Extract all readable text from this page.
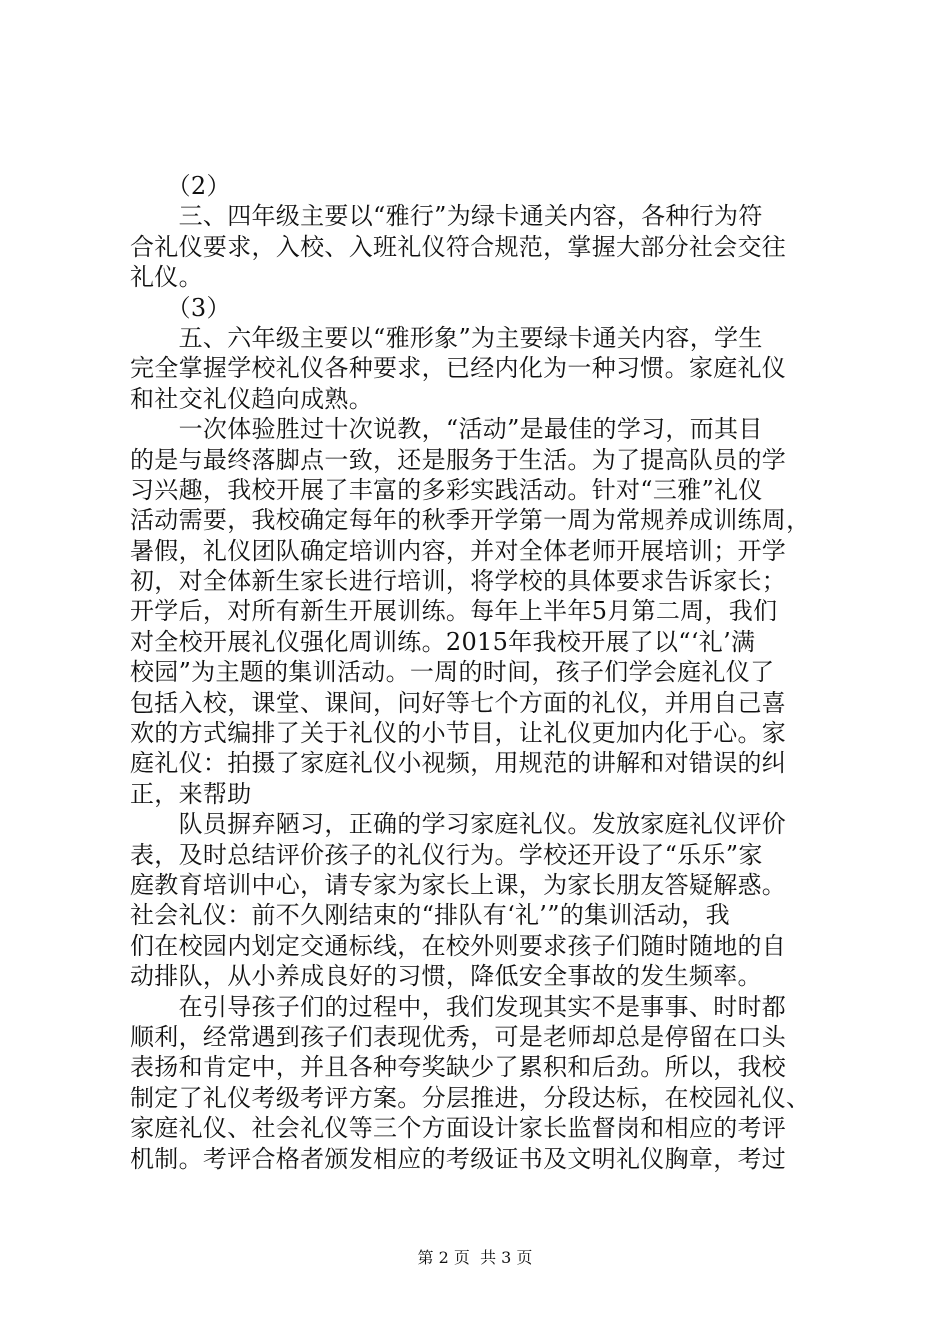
　　（2）
　　三、四年级主要以“雅行”为绿卡通关内容，各种行为符
合礼仪要求，入校、入班礼仪符合规范，掌握大部分社会交往
礼仪。
　　（3）
　　五、六年级主要以“雅形象”为主要绿卡通关内容，学生
完全掌握学校礼仪各种要求，已经内化为一种习惯。家庭礼仪
和社交礼仪趋向成熟。
　　一次体验胜过十次说教，“活动”是最佳的学习，而其目
的是与最终落脚点一致，还是服务于生活。为了提高队员的学
习兴趣，我校开展了丰富的多彩实践活动。针对“三雅”礼仪
活动需要，我校确定每年的秋季开学第一周为常规养成训练周，
暑假，礼仪团队确定培训内容，并对全体老师开展培训；开学
初，对全体新生家长进行培训，将学校的具体要求告诉家长；
开学后，对所有新生开展训练。每年上半年5月第二周，我们
对全校开展礼仪强化周训练。2015年我校开展了以“‘礼’满
校园”为主题的集训活动。一周的时间，孩子们学会庭礼仪了
包括入校，课堂、课间，问好等七个方面的礼仪，并用自己喜
欢的方式编排了关于礼仪的小节目，让礼仪更加内化于心。家
庭礼仪：拍摄了家庭礼仪小视频，用规范的讲解和对错误的纠
正，来帮助
　　队员摒弃陋习，正确的学习家庭礼仪。发放家庭礼仪评价
表，及时总结评价孩子的礼仪行为。学校还开设了“乐乐”家
庭教育培训中心，请专家为家长上课，为家长朋友答疑解惑。
社会礼仪：前不久刚结束的“排队有‘礼’”的集训活动，我
们在校园内划定交通标线，在校外则要求孩子们随时随地的自
动排队，从小养成良好的习惯，降低安全事故的发生频率。
　　在引导孩子们的过程中，我们发现其实不是事事、时时都
顺利，经常遇到孩子们表现优秀，可是老师却总是停留在口头
表扬和肯定中，并且各种夸奖缺少了累积和后劲。所以，我校
制定了礼仪考级考评方案。分层推进，分段达标，在校园礼仪、
家庭礼仪、社会礼仪等三个方面设计家长监督岗和相应的考评
机制。考评合格者颁发相应的考级证书及文明礼仪胸章，考过
第 2 页  共 3 页
